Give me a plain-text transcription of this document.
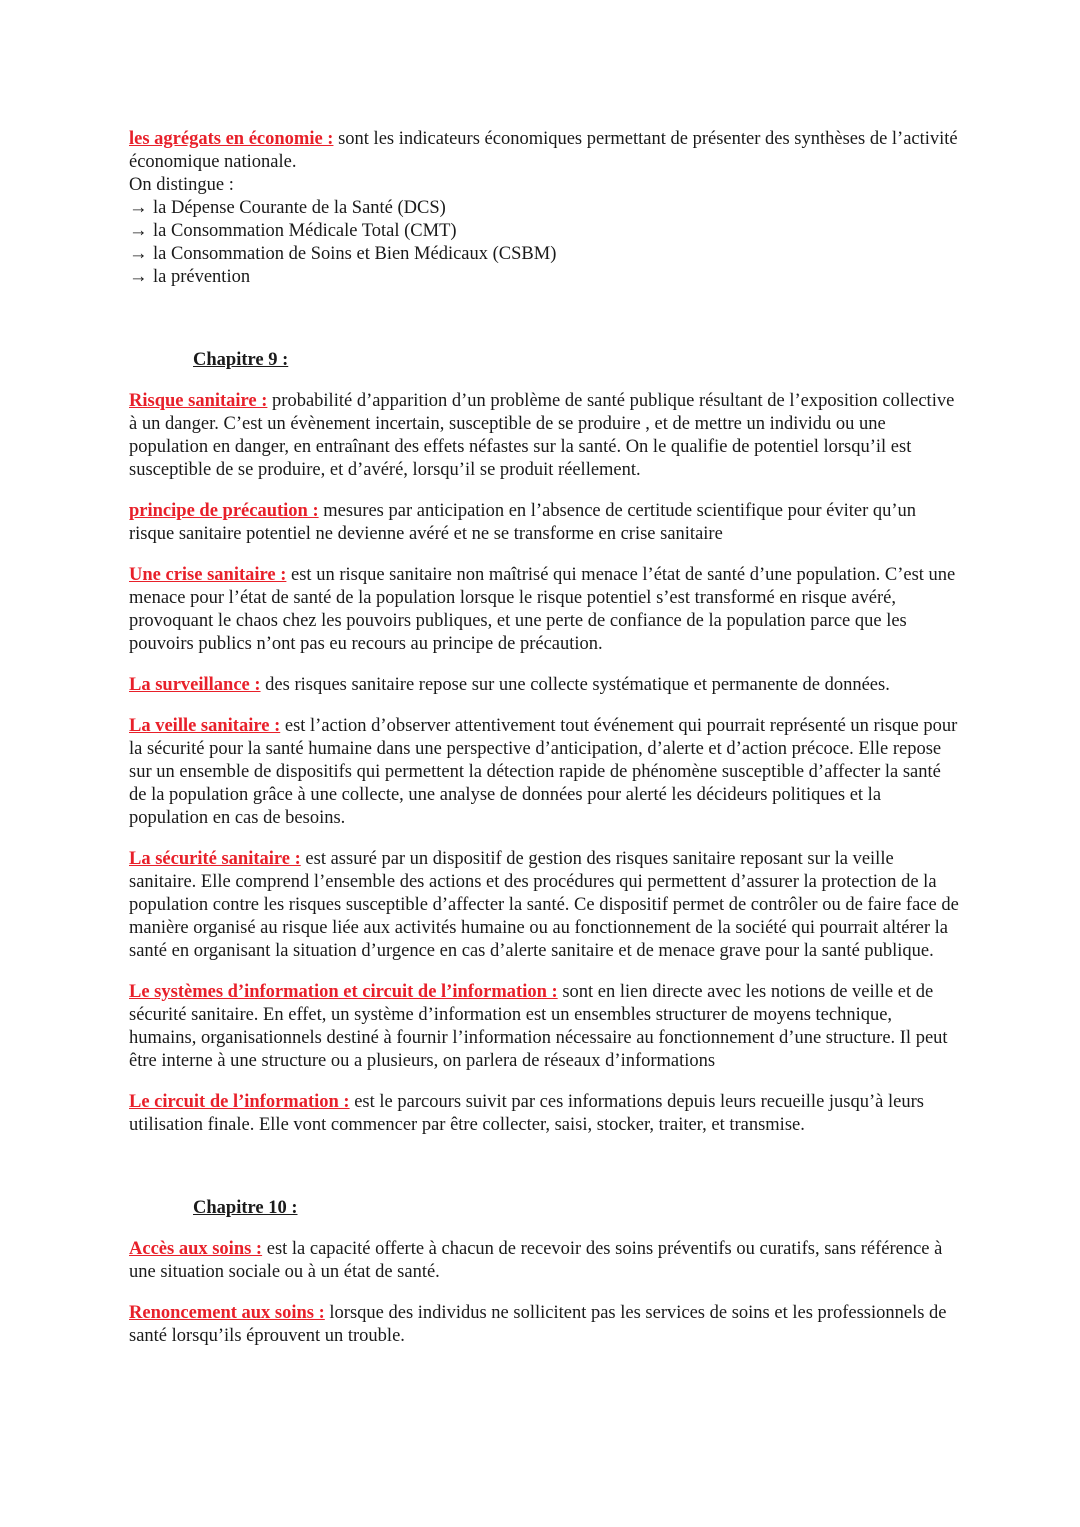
les agrégats en économie : sont les indicateurs économiques permettant de présenter des synthèses de l’activité économique nationale.

On distingue :

→ la Dépense Courante de la Santé (DCS)

→ la Consommation Médicale Total (CMT)

→ la Consommation de Soins et Bien Médicaux (CSBM)

→ la prévention

Chapitre 9 :

Risque sanitaire : probabilité d’apparition d’un problème de santé publique résultant de l’exposition collective à un danger. C’est un évènement incertain, susceptible de se produire , et de mettre un individu ou une population en danger, en entraînant des effets néfastes sur la santé. On le qualifie de potentiel lorsqu’il est susceptible de se produire, et d’avéré, lorsqu’il se produit réellement.

principe de précaution : mesures par anticipation en l’absence de certitude scientifique pour éviter qu’un risque sanitaire potentiel ne devienne avéré et ne se transforme en crise sanitaire

Une crise sanitaire : est un risque sanitaire non maîtrisé qui menace l’état de santé d’une population. C’est une menace pour l’état de santé de la population lorsque le risque potentiel s’est transformé en risque avéré, provoquant le chaos chez les pouvoirs publiques, et une perte de confiance de la population parce que les pouvoirs publics n’ont pas eu recours au principe de précaution.

La surveillance : des risques sanitaire repose sur une collecte systématique et permanente de données.

La veille sanitaire : est l’action d’observer attentivement tout événement qui pourrait représenté un risque pour la sécurité pour la santé humaine dans une perspective d’anticipation, d’alerte et d’action précoce. Elle repose sur un ensemble de dispositifs qui permettent la détection rapide de phénomène susceptible d’affecter la santé de la population grâce à une collecte, une analyse de données pour alerté les décideurs politiques et la population en cas de besoins.

La sécurité sanitaire : est assuré par un dispositif de gestion des risques sanitaire reposant sur la veille sanitaire. Elle comprend l’ensemble des actions et des procédures qui permettent d’assurer la protection de la population contre les risques susceptible d’affecter la santé. Ce dispositif permet de contrôler ou de faire face de manière organisé au risque liée aux activités humaine ou au fonctionnement de la société qui pourrait altérer la santé en organisant la situation d’urgence en cas d’alerte sanitaire et de menace grave pour la santé publique.

Le systèmes d’information et circuit de l’information : sont en lien directe avec les notions de veille et de sécurité sanitaire. En effet, un système d’information est un ensembles structurer de moyens technique, humains, organisationnels destiné à fournir l’information nécessaire au fonctionnement d’une structure. Il peut être interne à une structure ou a plusieurs, on parlera de réseaux d’informations

Le circuit de l’information : est le parcours suivit par ces informations depuis leurs recueille jusqu’à leurs utilisation finale. Elle vont commencer par être collecter, saisi, stocker, traiter, et transmise.

Chapitre 10 :

Accès aux soins : est la capacité offerte à chacun de recevoir des soins préventifs ou curatifs, sans référence à une situation sociale ou à un état de santé.

Renoncement aux soins : lorsque des individus ne sollicitent pas les services de soins et les professionnels de santé lorsqu’ils éprouvent un trouble.
